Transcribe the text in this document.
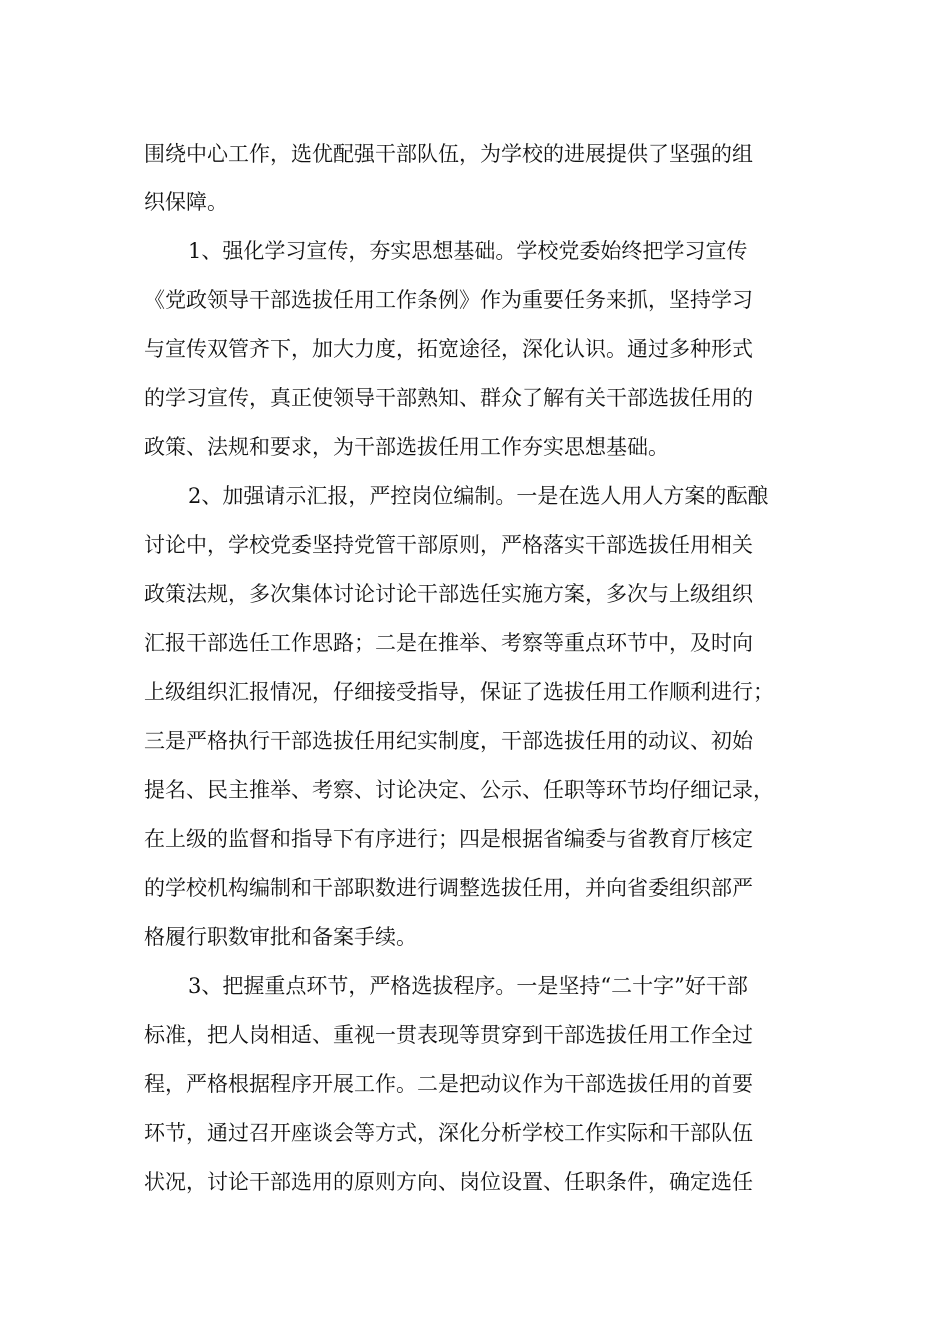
围绕中心工作，选优配强干部队伍，为学校的进展提供了坚强的组
织保障。
1、强化学习宣传，夯实思想基础。学校党委始终把学习宣传
《党政领导干部选拔任用工作条例》作为重要任务来抓，坚持学习
与宣传双管齐下，加大力度，拓宽途径，深化认识。通过多种形式
的学习宣传，真正使领导干部熟知、群众了解有关干部选拔任用的
政策、法规和要求，为干部选拔任用工作夯实思想基础。
2、加强请示汇报，严控岗位编制。一是在选人用人方案的酝酿
讨论中，学校党委坚持党管干部原则，严格落实干部选拔任用相关
政策法规，多次集体讨论讨论干部选任实施方案，多次与上级组织
汇报干部选任工作思路；二是在推举、考察等重点环节中，及时向
上级组织汇报情况，仔细接受指导，保证了选拔任用工作顺利进行；
三是严格执行干部选拔任用纪实制度，干部选拔任用的动议、初始
提名、民主推举、考察、讨论决定、公示、任职等环节均仔细记录，
在上级的监督和指导下有序进行；四是根据省编委与省教育厅核定
的学校机构编制和干部职数进行调整选拔任用，并向省委组织部严
格履行职数审批和备案手续。
3、把握重点环节，严格选拔程序。一是坚持“二十字”好干部
标准，把人岗相适、重视一贯表现等贯穿到干部选拔任用工作全过
程，严格根据程序开展工作。二是把动议作为干部选拔任用的首要
环节，通过召开座谈会等方式，深化分析学校工作实际和干部队伍
状况，讨论干部选用的原则方向、岗位设置、任职条件，确定选任
